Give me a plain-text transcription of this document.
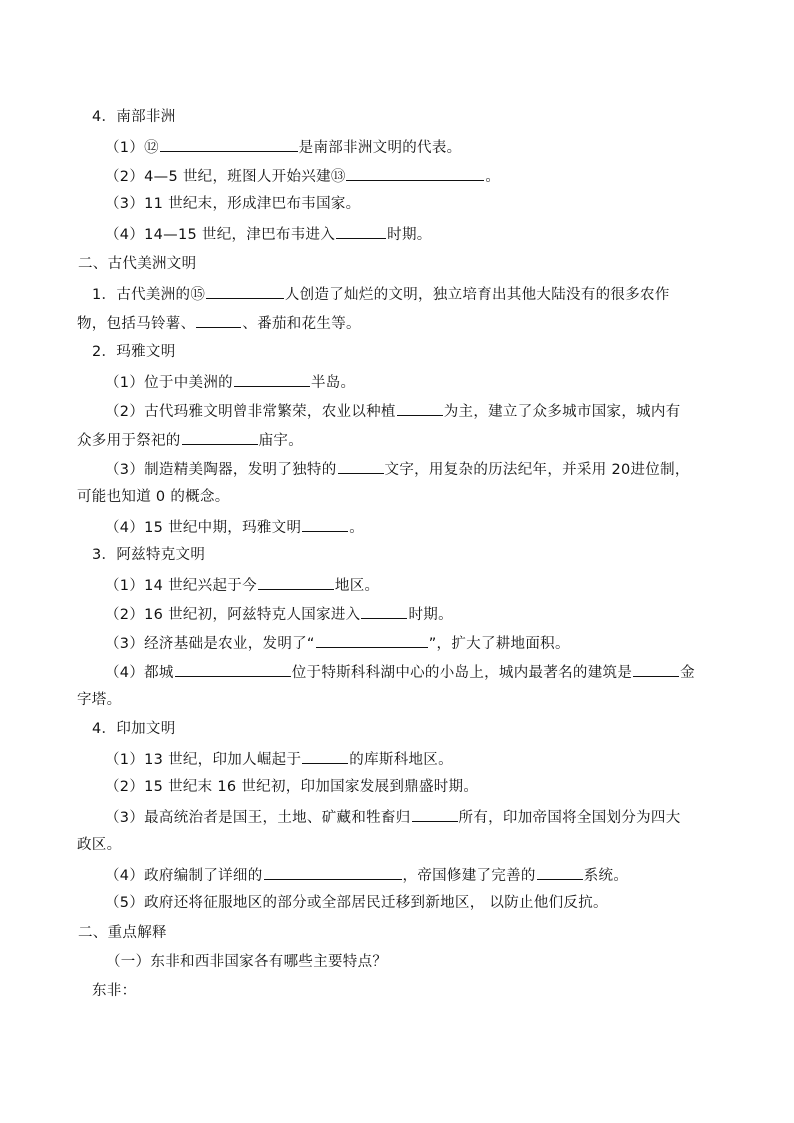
4．南部非洲
（1）⑫	是南部非洲文明的代表。
（2）4—5 世纪，班图人开始兴建⑬	。
（3）11 世纪末，形成津巴布韦国家。
（4）14—15 世纪，津巴布韦进入	时期。
二、古代美洲文明
1．古代美洲的⑮	人创造了灿烂的文明，独立培育出其他大陆没有的很多农作
物，包括马铃薯、	、番茄和花生等。
2．玛雅文明
（1）位于中美洲的	半岛。
（2）古代玛雅文明曾非常繁荣，农业以种植	为主，建立了众多城市国家，城内有
众多用于祭祀的	庙宇。
（3）制造精美陶器，发明了独特的	文字，用复杂的历法纪年，并采用 20进位制，
可能也知道 0 的概念。
（4）15 世纪中期，玛雅文明	。
3．阿兹特克文明
（1）14 世纪兴起于今	地区。
（2）16 世纪初，阿兹特克人国家进入	时期。
（3）经济基础是农业，发明了“	”，扩大了耕地面积。
（4）都城	位于特斯科科湖中心的小岛上，城内最著名的建筑是	金
字塔。
4．印加文明
（1）13 世纪，印加人崛起于	的库斯科地区。
（2）15 世纪末 16 世纪初，印加国家发展到鼎盛时期。
（3）最高统治者是国王，土地、矿藏和牲畜归	所有，印加帝国将全国划分为四大
政区。
（4）政府编制了详细的	，帝国修建了完善的	系统。
（5）政府还将征服地区的部分或全部居民迁移到新地区， 以防止他们反抗。
二、重点解释
（一）东非和西非国家各有哪些主要特点？
东非：
